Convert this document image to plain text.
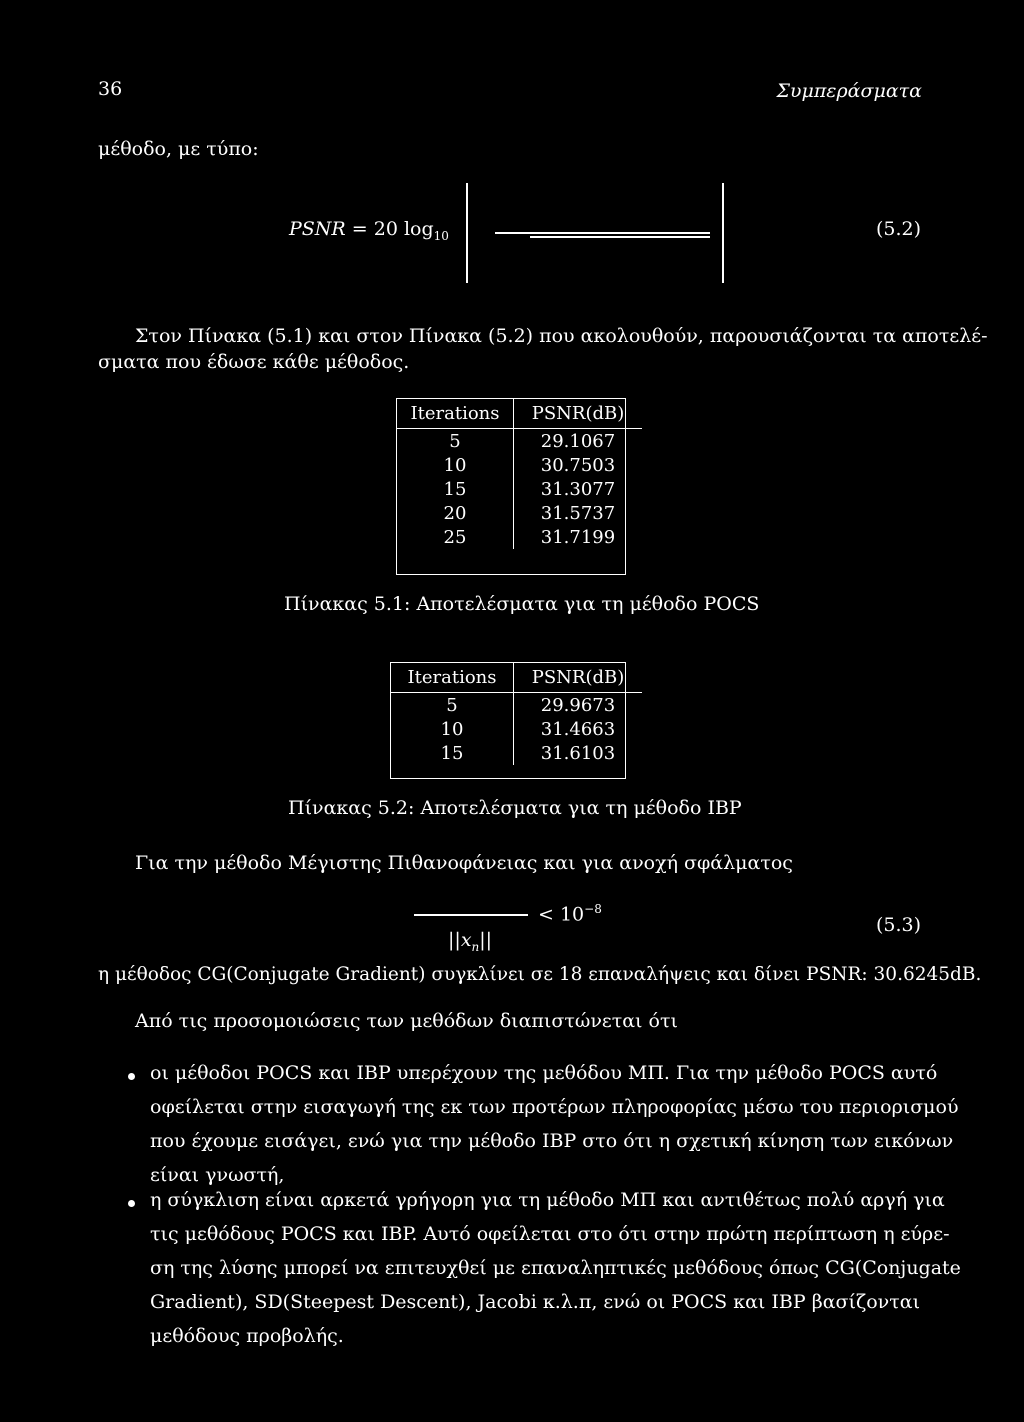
36	Συμπεράσματα
μέθοδο, με τύπο:
PSNR = 20 $\log_{10}$	(5.2)
Στον Πίνακα (5.1) και στον Πίνακα (5.2) που ακολουθούν, παρουσιάζονται τα αποτελέ-
σματα που έδωσε κάθε μέθοδος.
Iterations	PSNR(dB)
5	29.1067
10	30.7503
15	31.3077
20	31.5737
25	31.7199
Πίνακας 5.1: Αποτελέσματα για τη μέθοδο POCS
Iterations	PSNR(dB)
5	29.9673
10	31.4663
15	31.6103
Πίνακας 5.2: Αποτελέσματα για τη μέθοδο IBP
Για την μέθοδο Μέγιστης Πιθανοφάνειας και για ανοχή σφάλματος
< $10^{-8}$
$||x_n||$
(5.3)
η μέθοδος CG(Conjugate Gradient) συγκλίνει σε 18 επαναλήψεις και δίνει PSNR: 30.6245dB.
Από τις προσομοιώσεις των μεθόδων διαπιστώνεται ότι
οι μέθοδοι POCS και IBP υπερέχουν της μεθόδου ΜΠ. Για την μέθοδο POCS αυτό
οφείλεται στην εισαγωγή της εκ των προτέρων πληροφορίας μέσω του περιορισμού
που έχουμε εισάγει, ενώ για την μέθοδο IBP στο ότι η σχετική κίνηση των εικόνων
είναι γνωστή,
η σύγκλιση είναι αρκετά γρήγορη για τη μέθοδο ΜΠ και αντιθέτως πολύ αργή για
τις μεθόδους POCS και IBP. Αυτό οφείλεται στο ότι στην πρώτη περίπτωση η εύρε-
ση της λύσης μπορεί να επιτευχθεί με επαναληπτικές μεθόδους όπως CG(Conjugate
Gradient), SD(Steepest Descent), Jacobi κ.λ.π, ενώ οι POCS και IBP βασίζονται
μεθόδους προβολής.
